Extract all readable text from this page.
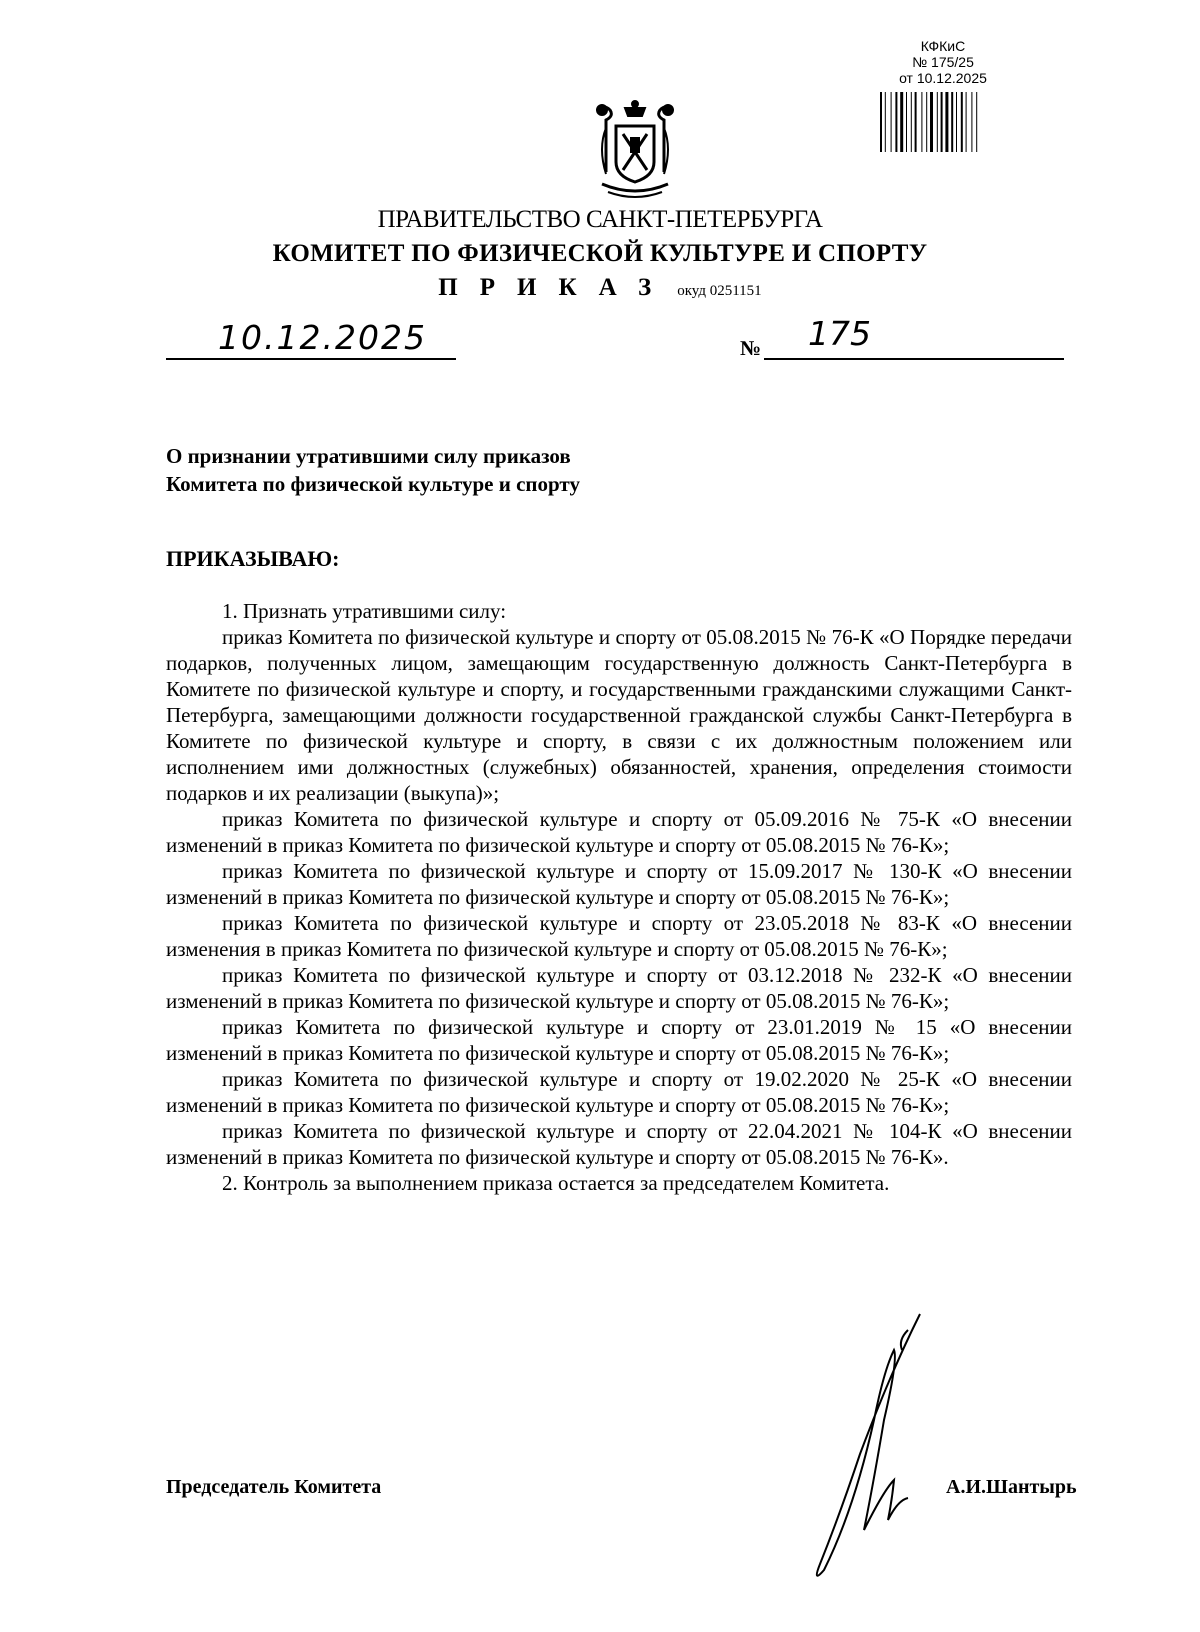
КФКиС
№ 175/25
от 10.12.2025
ПРАВИТЕЛЬСТВО САНКТ-ПЕТЕРБУРГА
КОМИТЕТ ПО ФИЗИЧЕСКОЙ КУЛЬТУРЕ И СПОРТУ
ПРИКАЗ окуд 0251151
10.12.2025	№ 175
О признании утратившими силу приказов
Комитета по физической культуре и спорту
ПРИКАЗЫВАЮ:

1. Признать утратившими силу:

приказ Комитета по физической культуре и спорту от 05.08.2015 № 76-К «О Порядке передачи подарков, полученных лицом, замещающим государственную должность Санкт-Петербурга в Комитете по физической культуре и спорту, и государственными гражданскими служащими Санкт-Петербурга, замещающими должности государственной гражданской службы Санкт-Петербурга в Комитете по физической культуре и спорту, в связи с их должностным положением или исполнением ими должностных (служебных) обязанностей, хранения, определения стоимости подарков и их реализации (выкупа)»;

приказ Комитета по физической культуре и спорту от 05.09.2016 № 75-К «О внесении изменений в приказ Комитета по физической культуре и спорту от 05.08.2015 № 76-К»;

приказ Комитета по физической культуре и спорту от 15.09.2017 № 130-К «О внесении изменений в приказ Комитета по физической культуре и спорту от 05.08.2015 № 76-К»;

приказ Комитета по физической культуре и спорту от 23.05.2018 № 83-К «О внесении изменения в приказ Комитета по физической культуре и спорту от 05.08.2015 № 76-К»;

приказ Комитета по физической культуре и спорту от 03.12.2018 № 232-К «О внесении изменений в приказ Комитета по физической культуре и спорту от 05.08.2015 № 76-К»;

приказ Комитета по физической культуре и спорту от 23.01.2019 № 15 «О внесении изменений в приказ Комитета по физической культуре и спорту от 05.08.2015 № 76-К»;

приказ Комитета по физической культуре и спорту от 19.02.2020 № 25-К «О внесении изменений в приказ Комитета по физической культуре и спорту от 05.08.2015 № 76-К»;

приказ Комитета по физической культуре и спорту от 22.04.2021 № 104-К «О внесении изменений в приказ Комитета по физической культуре и спорту от 05.08.2015 № 76-К».

2. Контроль за выполнением приказа остается за председателем Комитета.

Председатель Комитета	А.И.Шантырь
